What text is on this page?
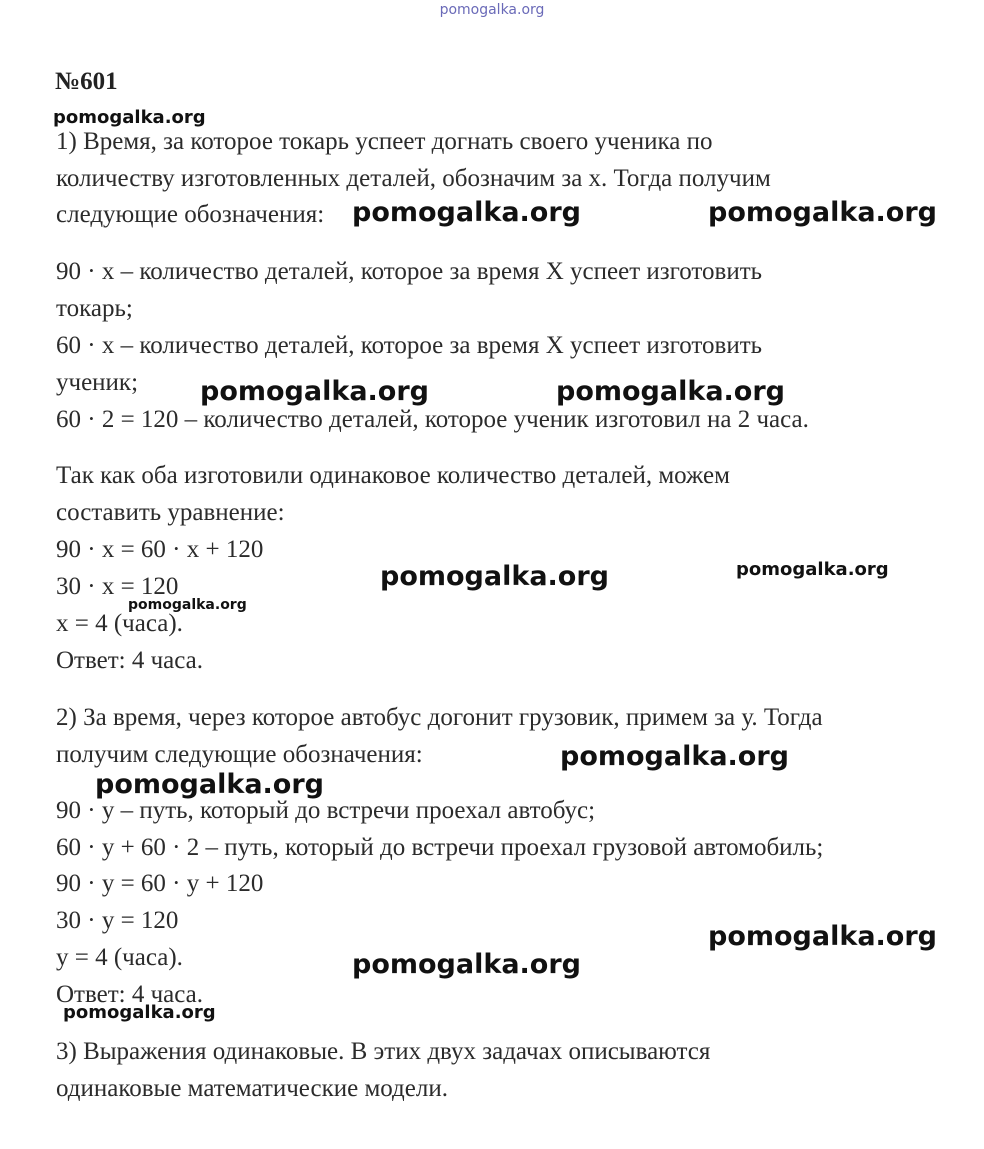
pomogalka.org
№601
1) Время, за которое токарь успеет догнать своего ученика по
количеству изготовленных деталей, обозначим за х. Тогда получим
следующие обозначения:
90 · х – количество деталей, которое за время Х успеет изготовить
токарь;
60 · х – количество деталей, которое за время Х успеет изготовить
ученик;
60 · 2 = 120 – количество деталей, которое ученик изготовил на 2 часа.
Так как оба изготовили одинаковое количество деталей, можем
составить уравнение:
90 · х = 60 · х + 120
30 · х = 120
х = 4 (часа).
Ответ: 4 часа.
2) За время, через которое автобус догонит грузовик, примем за у. Тогда
получим следующие обозначения:
90 · у – путь, который до встречи проехал автобус;
60 · у + 60 · 2 – путь, который до встречи проехал грузовой автомобиль;
90 · у = 60 · у + 120
30 · у = 120
у = 4 (часа).
Ответ: 4 часа.
3) Выражения одинаковые. В этих двух задачах описываются
одинаковые математические модели.
pomogalka.org
pomogalka.org	pomogalka.org
pomogalka.org	pomogalka.org
pomogalka.org	pomogalka.org
pomogalka.org
pomogalka.org
pomogalka.org
pomogalka.org
pomogalka.org
pomogalka.org
